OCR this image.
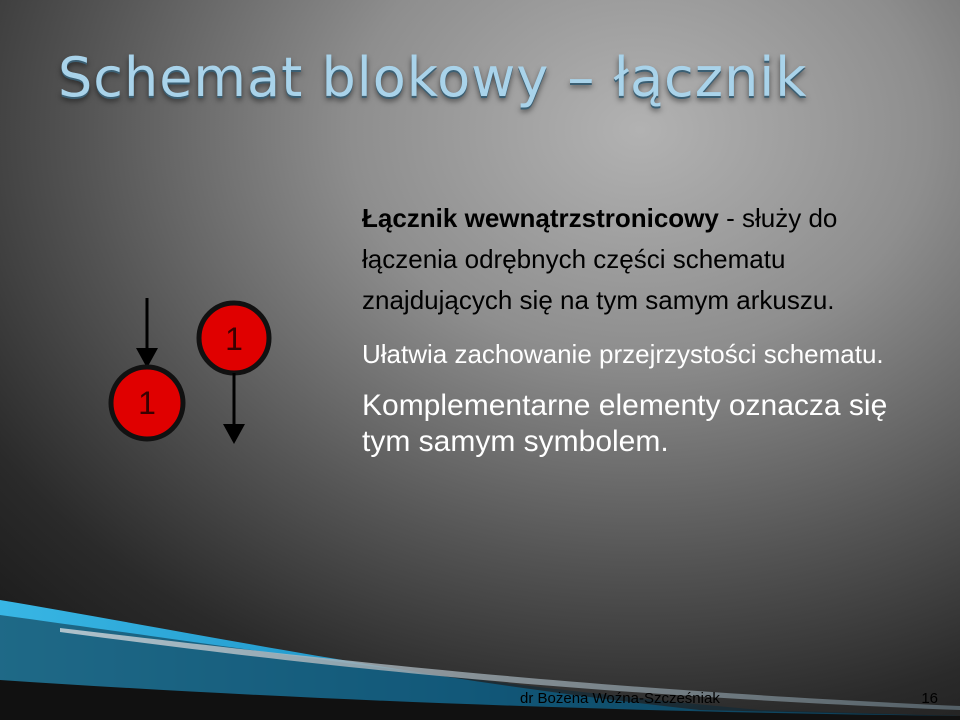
Schemat blokowy – łącznik
1
1

Łącznik wewnątrzstronicowy - służy do łączenia odrębnych części schematu znajdujących się na tym samym arkuszu.

Ułatwia zachowanie przejrzystości schematu.

Komplementarne elementy oznacza się tym samym symbolem.

dr Bożena Woźna-Szcześniak	16
